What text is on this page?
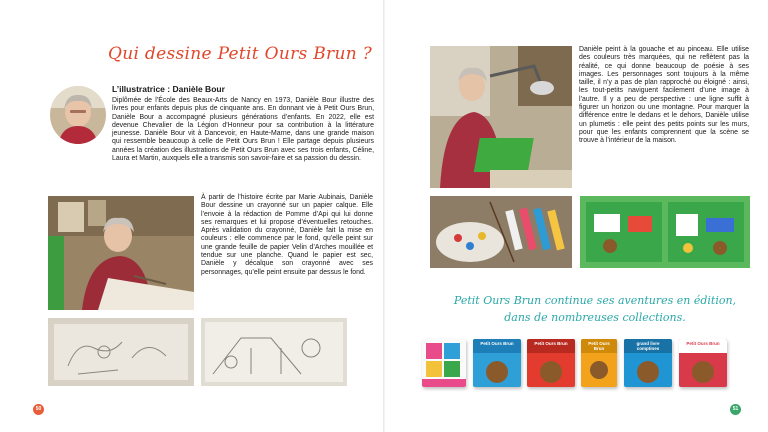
Qui dessine Petit Ours Brun ?
L’illustratrice : Danièle Bour

Diplômée de l’École des Beaux-Arts de Nancy en 1973, Danièle Bour illustre des livres pour enfants depuis plus de cinquante ans. En donnant vie à Petit Ours Brun, Danièle Bour a accompagné plusieurs générations d’enfants. En 2022, elle est devenue Chevalier de la Légion d’Honneur pour sa contribution à la littérature jeunesse. Danièle Bour vit à Dancevoir, en Haute-Marne, dans une grande maison qui ressemble beaucoup à celle de Petit Ours Brun ! Elle partage depuis plusieurs années la création des illustrations de Petit Ours Brun avec ses trois enfants, Céline, Laura et Martin, auxquels elle a transmis son savoir-faire et sa passion du dessin.

À partir de l’histoire écrite par Marie Aubinais, Danièle Bour dessine un crayonné sur un papier calque. Elle l’envoie à la rédaction de Pomme d’Api qui lui donne ses remarques et lui propose d’éventuelles retouches. Après validation du crayonné, Danièle fait la mise en couleurs : elle commence par le fond, qu’elle peint sur une grande feuille de papier Velin d’Arches mouillée et tendue sur une planche. Quand le papier est sec, Danièle y décalque son crayonné avec ses personnages, qu’elle peint ensuite par dessus le fond.

50

Danièle peint à la gouache et au pinceau. Elle utilise des couleurs très marquées, qui ne reflètent pas la réalité, ce qui donne beaucoup de poésie à ses images. Les personnages sont toujours à la même taille, il n’y a pas de plan rapproché ou éloigné : ainsi, les tout-petits naviguent facilement d’une image à l’autre. Il y a peu de perspective : une ligne suffit à figurer un horizon ou une montagne. Pour marquer la différence entre le dedans et le dehors, Danièle utilise un plumetis : elle peint des petits points sur les murs, pour que les enfants comprennent que la scène se trouve à l’intérieur de la maison.

Petit Ours Brun continue ses aventures en édition,
dans de nombreuses collections.
Petit Ours Brun	Petit Ours Brun	Petit Ours Brun
grand livre comptines
Petit Ours Brun
51
